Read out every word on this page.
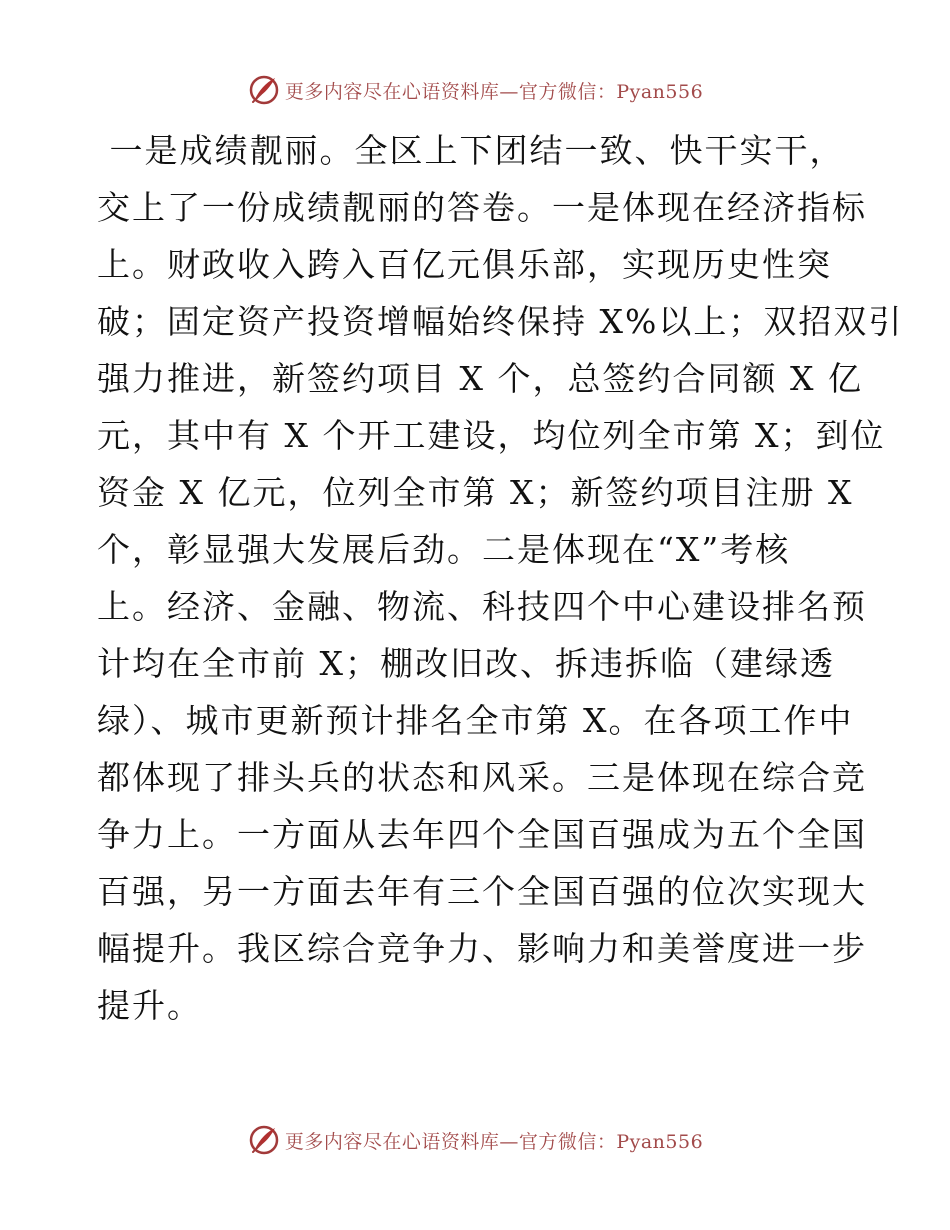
更多内容尽在心语资料库—官方微信：Pyan556
一是成绩靓丽。全区上下团结一致、快干实干，
交上了一份成绩靓丽的答卷。一是体现在经济指标
上。财政收入跨入百亿元俱乐部，实现历史性突
破；固定资产投资增幅始终保持 X%以上；双招双引
强力推进，新签约项目 X 个，总签约合同额 X 亿
元，其中有 X 个开工建设，均位列全市第 X；到位
资金 X 亿元，位列全市第 X；新签约项目注册 X
个，彰显强大发展后劲。二是体现在“X”考核
上。经济、金融、物流、科技四个中心建设排名预
计均在全市前 X；棚改旧改、拆违拆临（建绿透
绿）、城市更新预计排名全市第 X。在各项工作中
都体现了排头兵的状态和风采。三是体现在综合竞
争力上。一方面从去年四个全国百强成为五个全国
百强，另一方面去年有三个全国百强的位次实现大
幅提升。我区综合竞争力、影响力和美誉度进一步
提升。
更多内容尽在心语资料库—官方微信：Pyan556
